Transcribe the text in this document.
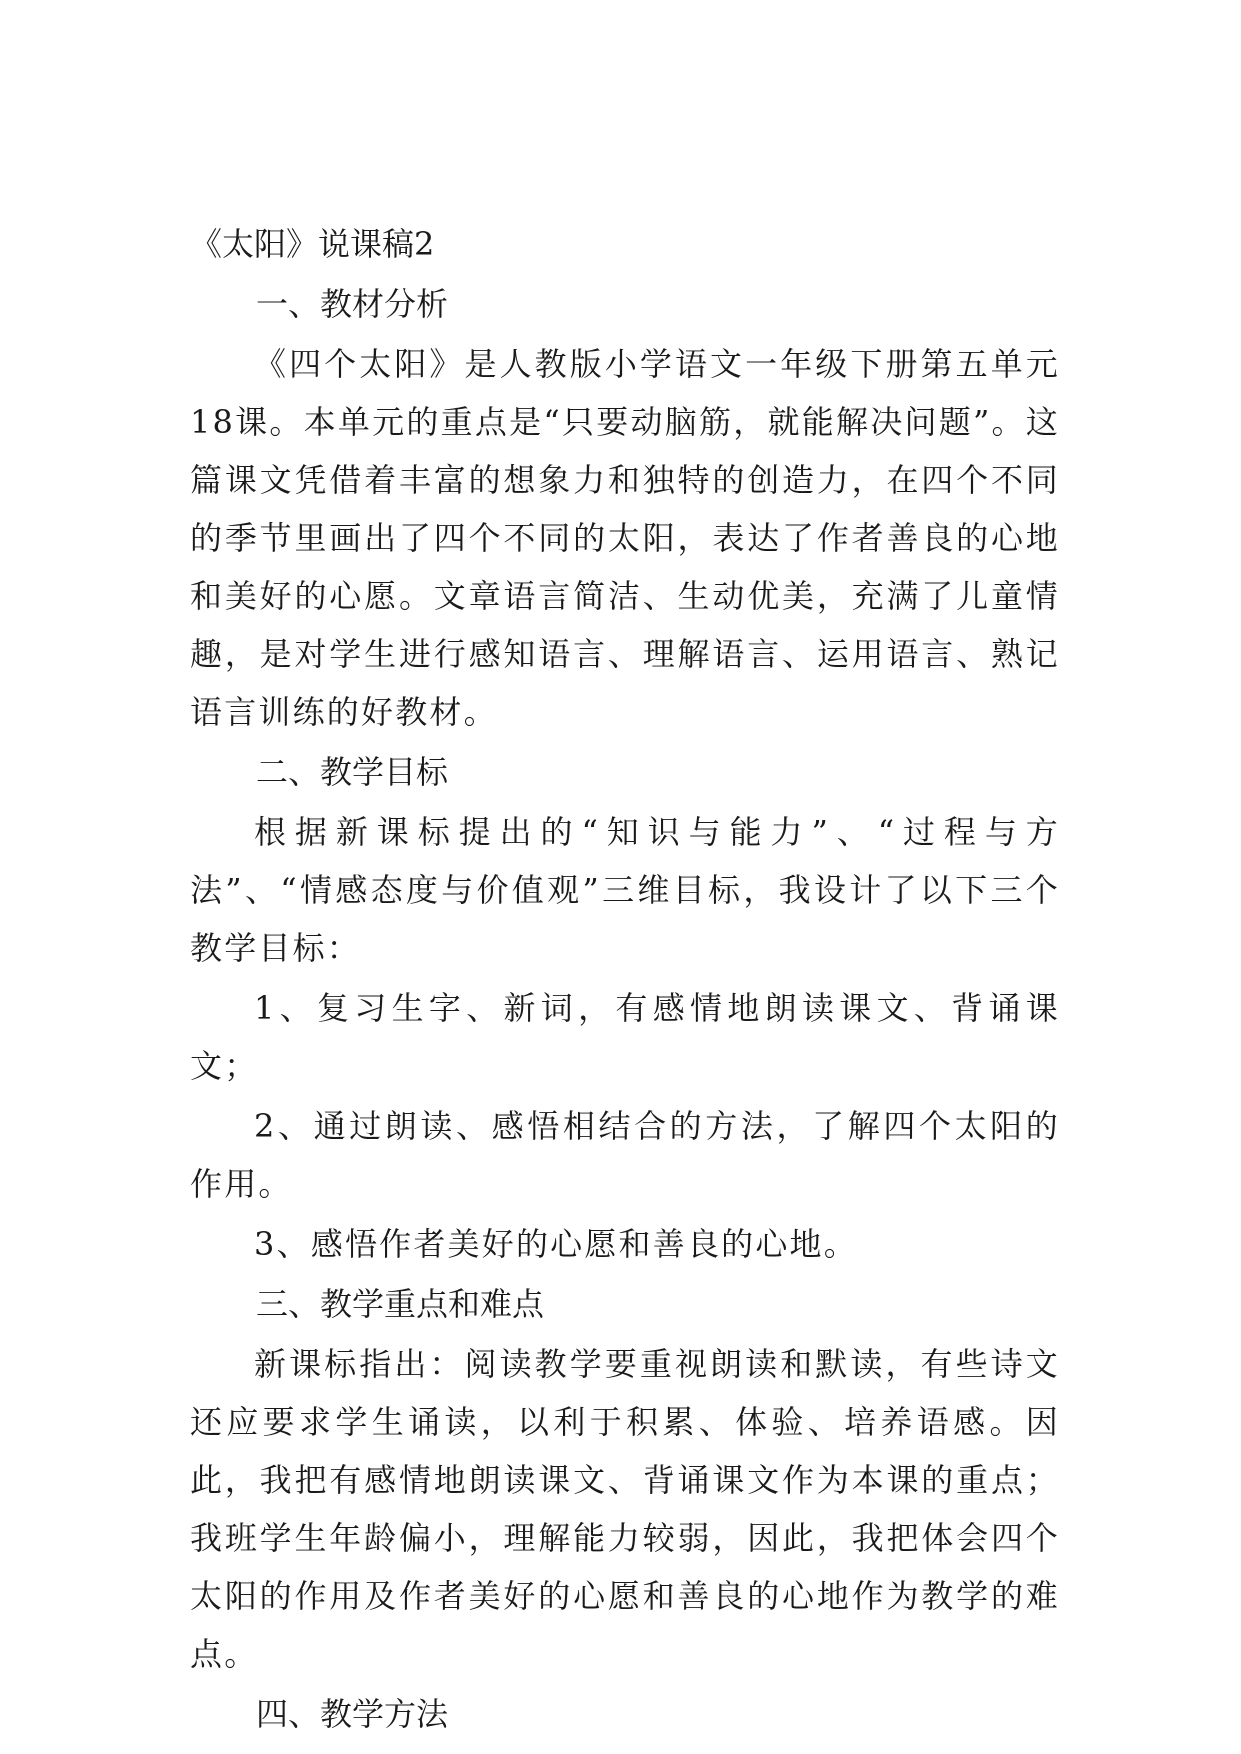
《太阳》说课稿2

一、教材分析

《四个太阳》是人教版小学语文一年级下册第五单元18课。本单元的重点是“只要动脑筋，就能解决问题”。这篇课文凭借着丰富的想象力和独特的创造力，在四个不同的季节里画出了四个不同的太阳，表达了作者善良的心地和美好的心愿。文章语言简洁、生动优美，充满了儿童情趣，是对学生进行感知语言、理解语言、运用语言、熟记语言训练的好教材。

二、教学目标

根据新课标提出的“知识与能力”、“过程与方法”、“情感态度与价值观”三维目标，我设计了以下三个教学目标：

1、复习生字、新词，有感情地朗读课文、背诵课文；

2、通过朗读、感悟相结合的方法，了解四个太阳的作用。

3、感悟作者美好的心愿和善良的心地。

三、教学重点和难点

新课标指出：阅读教学要重视朗读和默读，有些诗文还应要求学生诵读，以利于积累、体验、培养语感。因此，我把有感情地朗读课文、背诵课文作为本课的重点；我班学生年龄偏小，理解能力较弱，因此，我把体会四个太阳的作用及作者美好的心愿和善良的心地作为教学的难点。

四、教学方法
